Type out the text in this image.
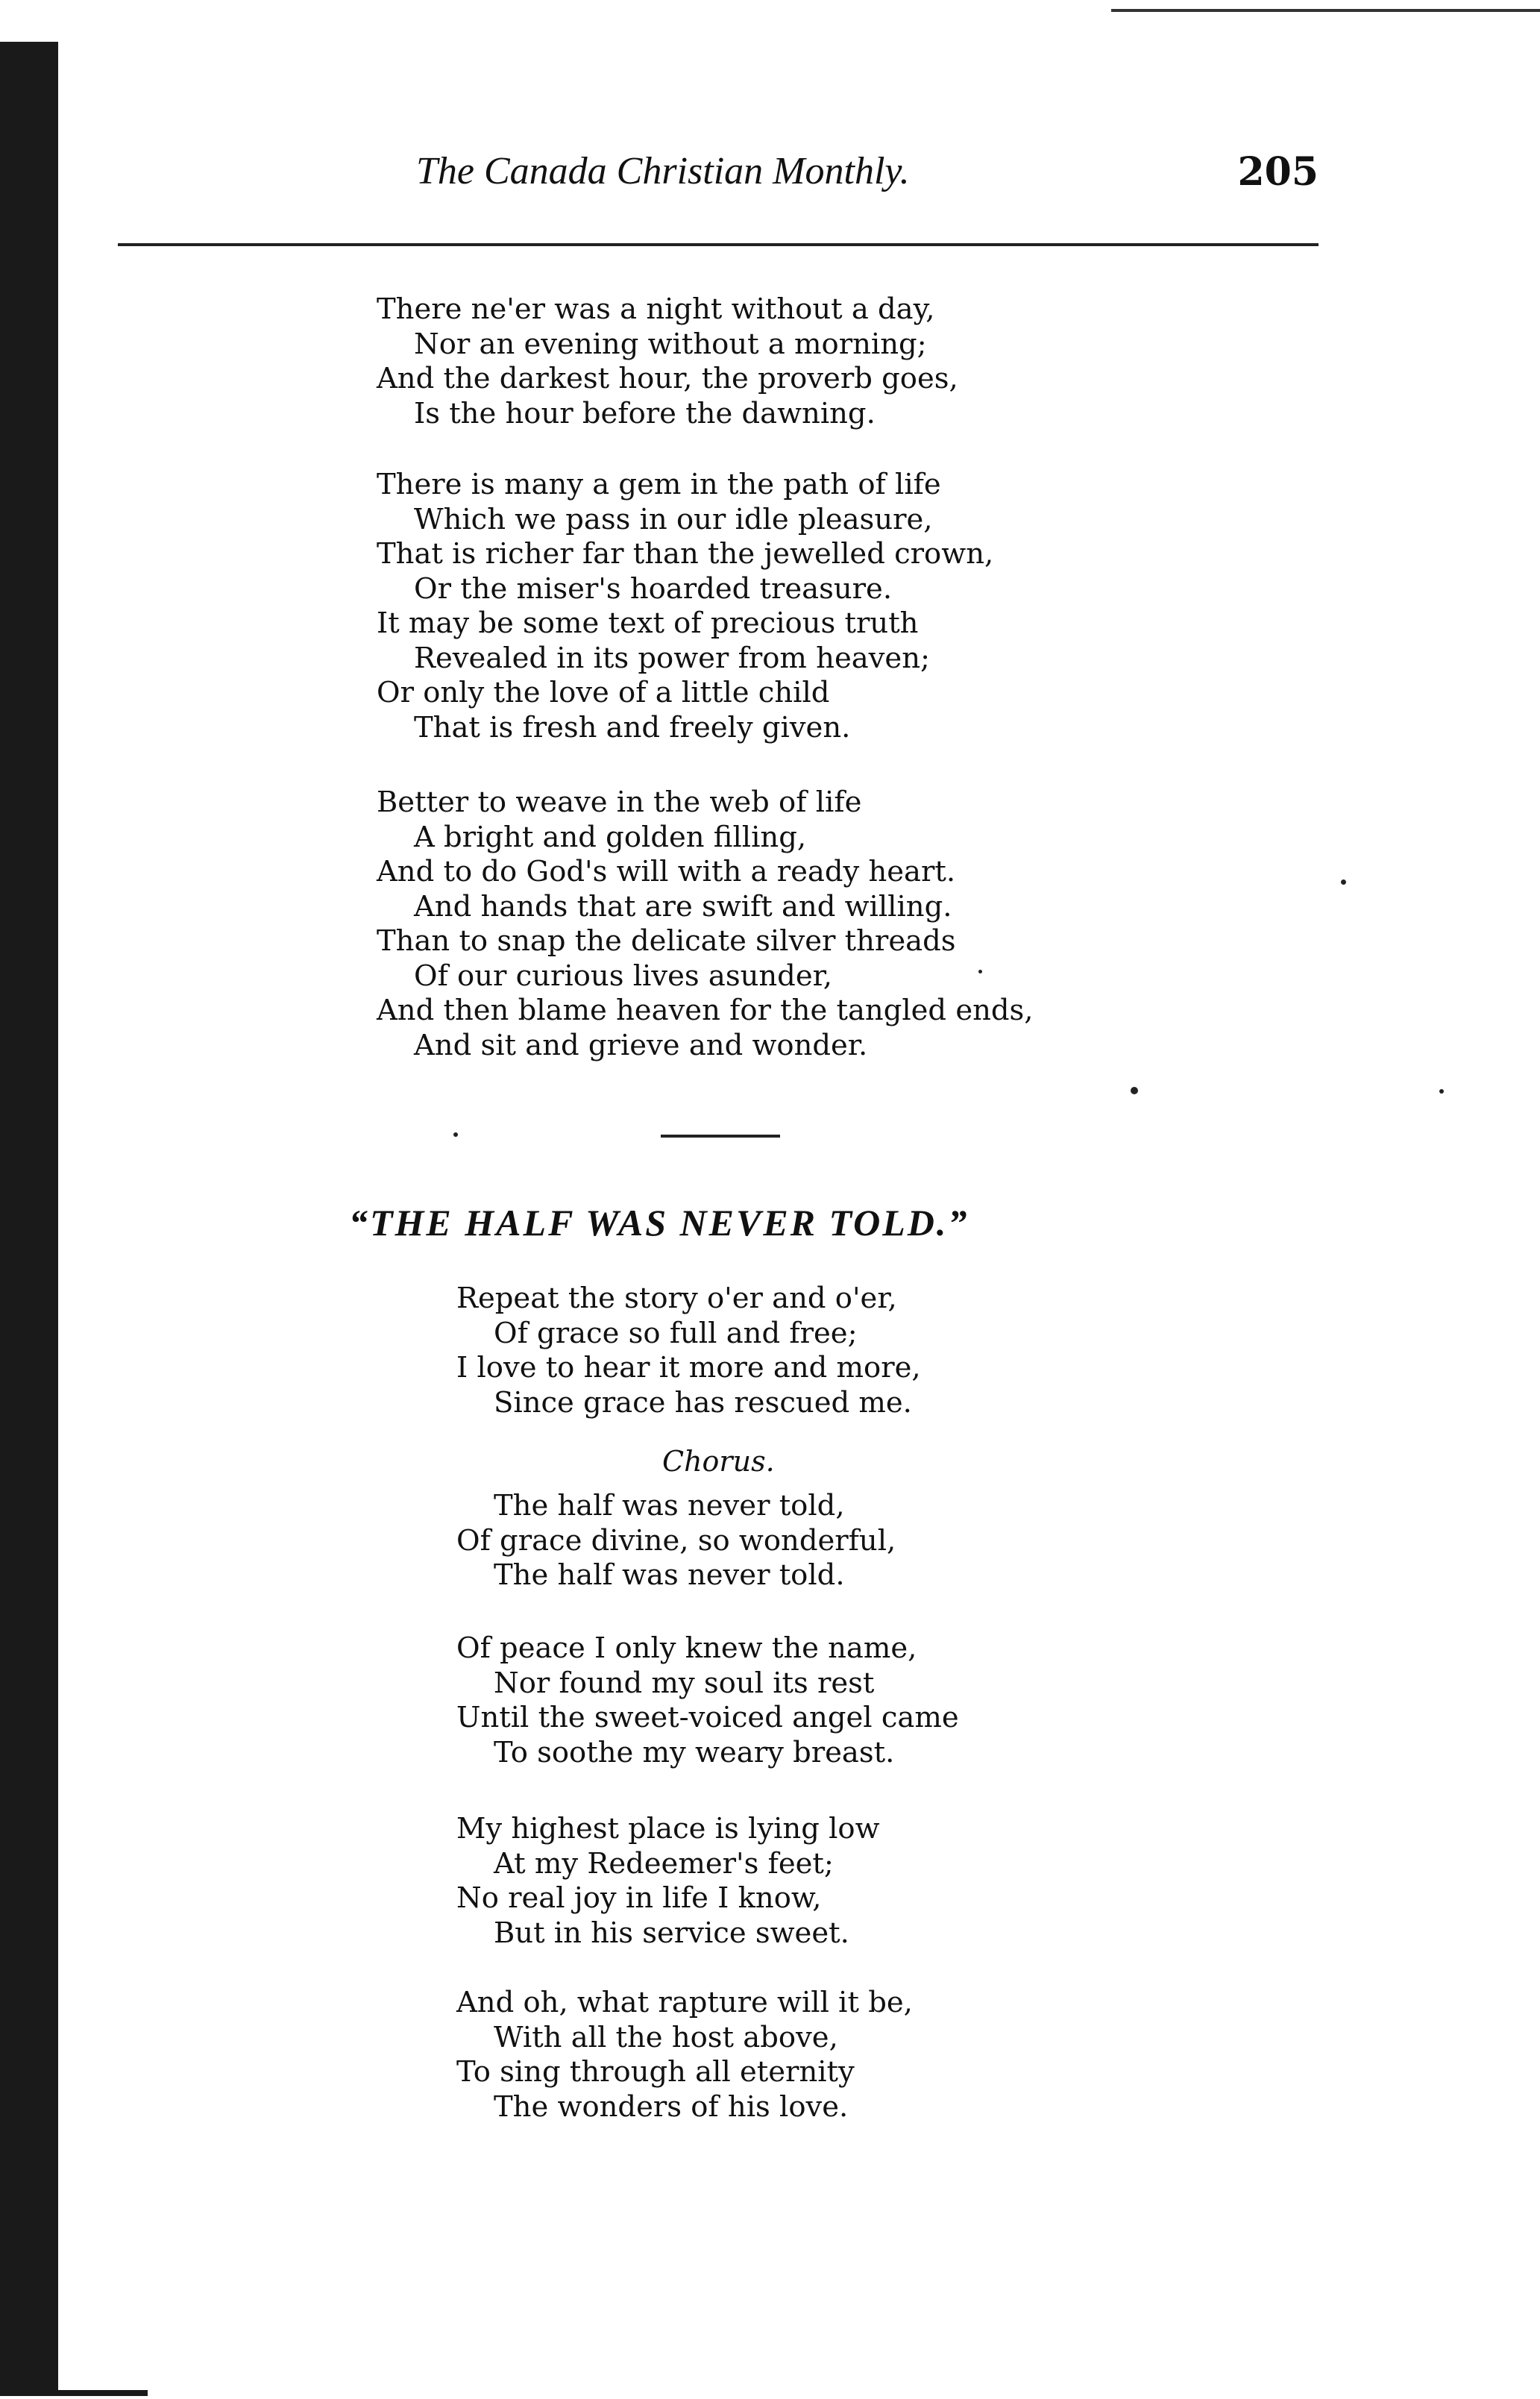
The Canada Christian Monthly.	205
There ne'er was a night without a day,
Nor an evening without a morning;
And the darkest hour, the proverb goes,
Is the hour before the dawning.
There is many a gem in the path of life
Which we pass in our idle pleasure,
That is richer far than the jewelled crown,
Or the miser's hoarded treasure.
It may be some text of precious truth
Revealed in its power from heaven;
Or only the love of a little child
That is fresh and freely given.
Better to weave in the web of life
A bright and golden filling,
And to do God's will with a ready heart.
And hands that are swift and willing.
Than to snap the delicate silver threads
Of our curious lives asunder,
And then blame heaven for the tangled ends,
And sit and grieve and wonder.
“THE HALF WAS NEVER TOLD.”
Repeat the story o'er and o'er,
Of grace so full and free;
I love to hear it more and more,
Since grace has rescued me.
Chorus.
The half was never told,
Of grace divine, so wonderful,
The half was never told.
Of peace I only knew the name,
Nor found my soul its rest
Until the sweet-voiced angel came
To soothe my weary breast.
My highest place is lying low
At my Redeemer's feet;
No real joy in life I know,
But in his service sweet.
And oh, what rapture will it be,
With all the host above,
To sing through all eternity
The wonders of his love.
